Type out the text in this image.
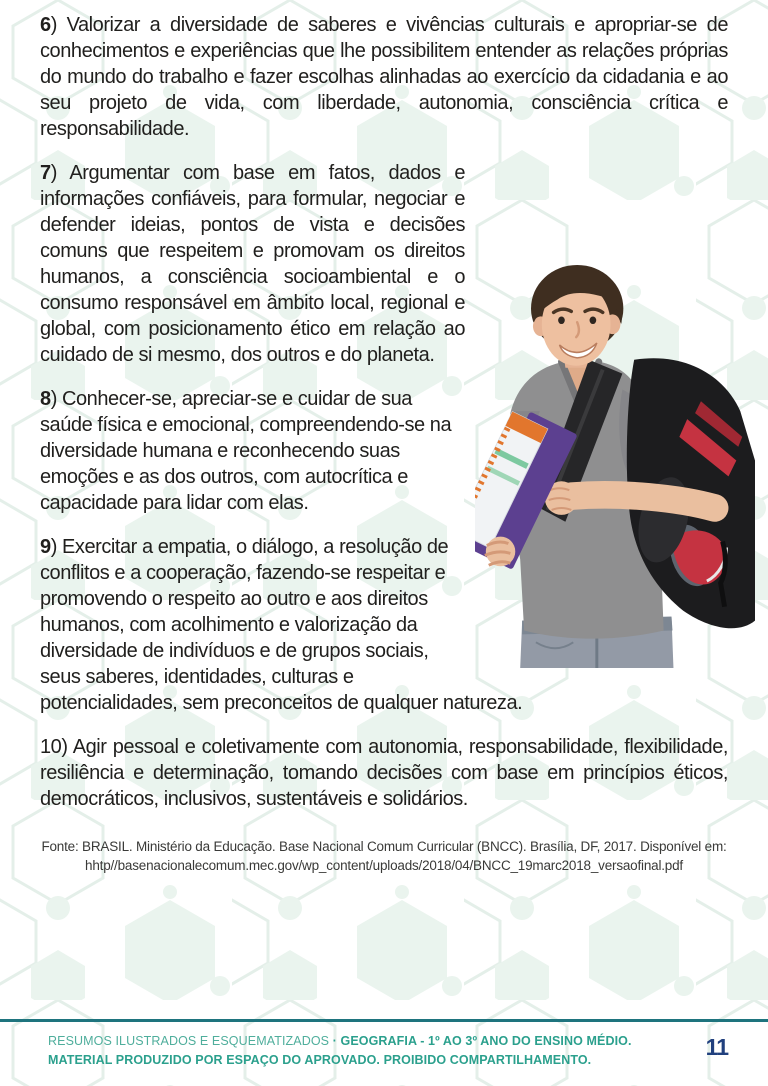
6) Valorizar a diversidade de saberes e vivências culturais e apropriar-se de conhecimentos e experiências que lhe possibilitem entender as relações próprias do mundo do trabalho e fazer escolhas alinhadas ao exercício da cidadania e ao seu projeto de vida, com liberdade, autonomia, consciência crítica e responsabilidade.

7) Argumentar com base em fatos, dados e informações confiáveis, para formular, negociar e defender ideias, pontos de vista e decisões comuns que respeitem e promovam os direitos humanos, a consciência socioambiental e o consumo responsável em âmbito local, regional e global, com posicionamento ético em relação ao cuidado de si mesmo, dos outros e do planeta.

8) Conhecer-se, apreciar-se e cuidar de sua saúde física e emocional, compreendendo-se na diversidade humana e reconhecendo suas emoções e as dos outros, com autocrítica e capacidade para lidar com elas.

9) Exercitar a empatia, o diálogo, a resolução de conflitos e a cooperação, fazendo-se respeitar e promovendo o respeito ao outro e aos direitos humanos, com acolhimento e valorização da diversidade de indivíduos e de grupos sociais, seus saberes, identidades, culturas e potencialidades, sem preconceitos de qualquer natureza.

10) Agir pessoal e coletivamente com autonomia, responsabilidade, flexibilidade, resiliência e determinação, tomando decisões com base em princípios éticos, democráticos, inclusivos, sustentáveis e solidários.

Fonte: BRASIL. Ministério da Educação. Base Nacional Comum Curricular (BNCC). Brasília, DF, 2017. Disponível em:
hhtp//basenacionalecomum.mec.gov/wp_content/uploads/2018/04/BNCC_19marc2018_versaofinal.pdf
RESUMOS ILUSTRADOS E ESQUEMATIZADOS · GEOGRAFIA - 1º AO 3º ANO DO ENSINO MÉDIO.
MATERIAL PRODUZIDO POR ESPAÇO DO APROVADO. PROIBIDO COMPARTILHAMENTO.	11
